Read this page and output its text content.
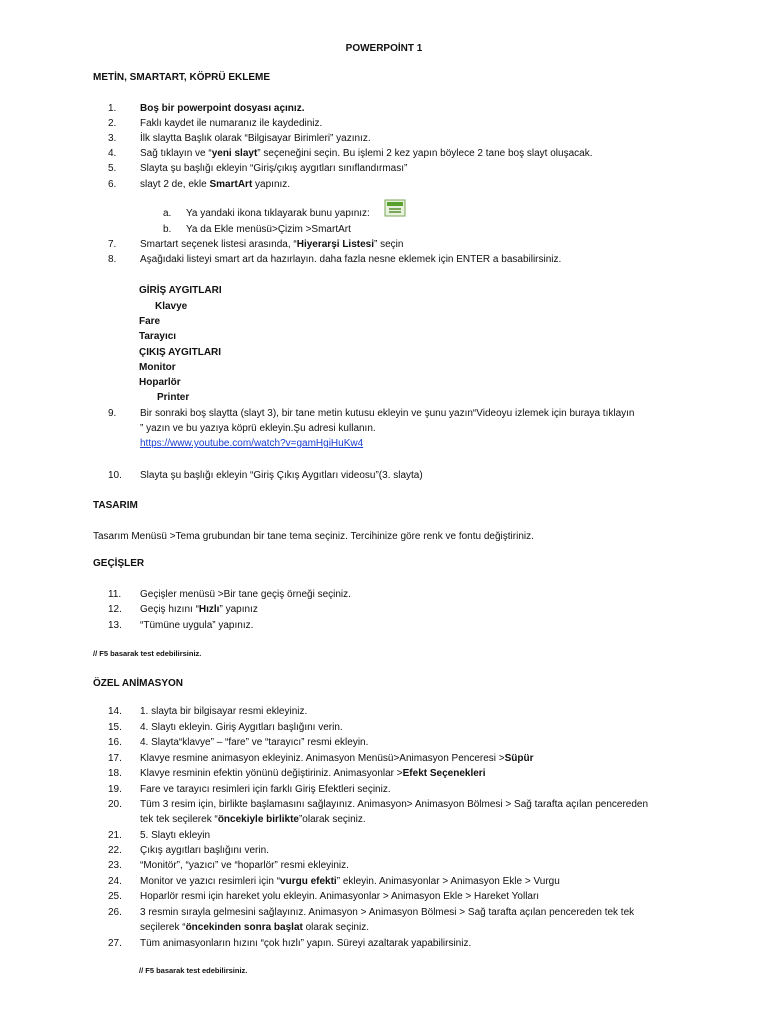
POWERPOİNT 1
METİN, SMARTART, KÖPRÜ EKLEME
1.	Boş bir powerpoint dosyası açınız.
2.	Faklı kaydet ile numaranız ile kaydediniz.
3.	İlk slaytta Başlık olarak “Bilgisayar Birimleri” yazınız.
4.	Sağ tıklayın ve “yeni slayt” seçeneğini seçin. Bu işlemi 2 kez yapın böylece 2 tane boş slayt oluşacak.
5.	Slayta şu başlığı ekleyin “Giriş/çıkış aygıtları sınıflandırması”
6.	slayt 2 de, ekle SmartArt yapınız.
a. Ya yandaki ikona tıklayarak bunu yapınız:
b. Ya da Ekle menüsü>Çizim >SmartArt
7.	Smartart seçenek listesi arasında, “Hiyerarşi Listesi” seçin
8.	Aşağıdaki listeyi smart art da hazırlayın. daha fazla nesne eklemek için ENTER a basabilirsiniz.
GİRİŞ AYGITLARI
Klavye
Fare
Tarayıcı
ÇIKIŞ AYGITLARI
Monitor
Hoparlör
Printer
9.	Bir sonraki boş slaytta (slayt 3), bir tane metin kutusu ekleyin ve şunu yazın“Videoyu izlemek için buraya tıklayın
” yazın ve bu yazıya köprü ekleyin.Şu adresi kullanın.
https://www.youtube.com/watch?v=gamHgiHuKw4
10.	Slayta şu başlığı ekleyin “Giriş Çıkış Aygıtları videosu”(3. slayta)
TASARIM
Tasarım Menüsü >Tema grubundan bir tane tema seçiniz. Tercihinize göre renk ve fontu değiştiriniz.
GEÇİŞLER
11.	Geçişler menüsü >Bir tane geçiş örneği seçiniz.
12.	Geçiş hızını “Hızlı” yapınız
13.	“Tümüne uygula” yapınız.
// F5 basarak test edebilirsiniz.
ÖZEL ANİMASYON
14.	1. slayta bir bilgisayar resmi ekleyiniz.
15.	4. Slaytı ekleyin. Giriş Aygıtları başlığını verin.
16.	4. Slayta“klavye” – “fare” ve “tarayıcı” resmi ekleyin.
17.	Klavye resmine animasyon ekleyiniz. Animasyon Menüsü>Animasyon Penceresi >Süpür
18.	Klavye resminin efektin yönünü değiştiriniz. Animasyonlar >Efekt Seçenekleri
19.	Fare ve tarayıcı resimleri için farklı Giriş Efektleri seçiniz.
20.	Tüm 3 resim için, birlikte başlamasını sağlayınız. Animasyon> Animasyon Bölmesi > Sağ tarafta açılan pencereden
tek tek seçilerek “öncekiyle birlikte”olarak seçiniz.
21.	5. Slaytı ekleyin
22.	Çıkış aygıtları başlığını verin.
23.	“Monitör”, “yazıcı” ve “hoparlör” resmi ekleyiniz.
24.	Monitor ve yazıcı resimleri için “vurgu efekti” ekleyin. Animasyonlar > Animasyon Ekle > Vurgu
25.	Hoparlör resmi için hareket yolu ekleyin. Animasyonlar > Animasyon Ekle > Hareket Yolları
26.	3 resmin sırayla gelmesini sağlayınız. Animasyon > Animasyon Bölmesi > Sağ tarafta açılan pencereden tek tek
seçilerek “öncekinden sonra başlat olarak seçiniz.
27.	Tüm animasyonların hızını “çok hızlı” yapın. Süreyi azaltarak yapabilirsiniz.
// F5 basarak test edebilirsiniz.
